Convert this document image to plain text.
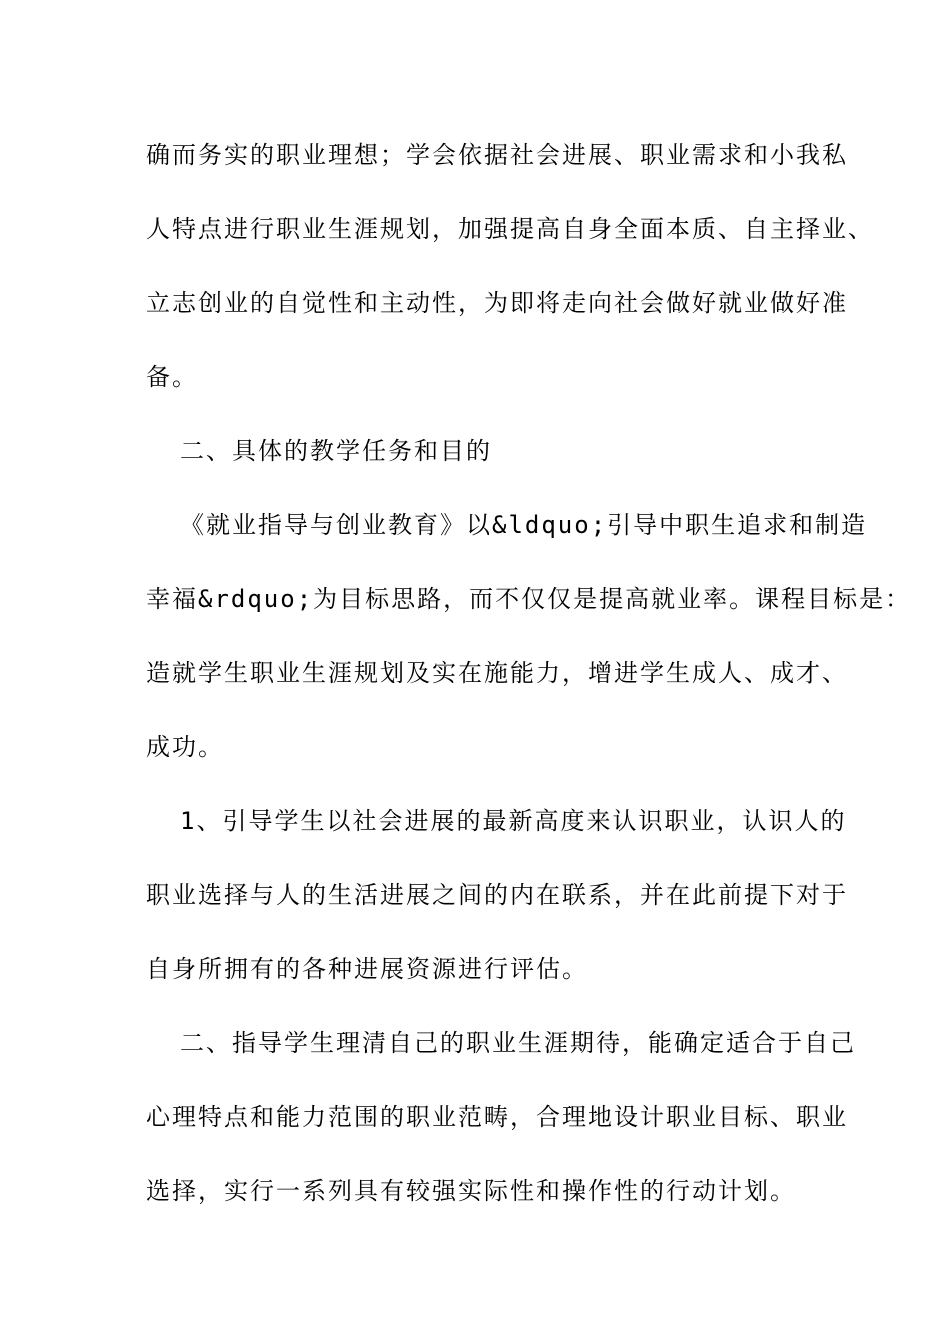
确而务实的职业理想；学会依据社会进展、职业需求和小我私
人特点进行职业生涯规划，加强提高自身全面本质、自主择业、
立志创业的自觉性和主动性，为即将走向社会做好就业做好准
备。
二、具体的教学任务和目的
《就业指导与创业教育》以&ldquo;引导中职生追求和制造
幸福&rdquo;为目标思路，而不仅仅是提高就业率。课程目标是：
造就学生职业生涯规划及实在施能力，增进学生成人、成才、
成功。
1、引导学生以社会进展的最新高度来认识职业，认识人的
职业选择与人的生活进展之间的内在联系，并在此前提下对于
自身所拥有的各种进展资源进行评估。
二、指导学生理清自己的职业生涯期待，能确定适合于自己
心理特点和能力范围的职业范畴，合理地设计职业目标、职业
选择，实行一系列具有较强实际性和操作性的行动计划。
